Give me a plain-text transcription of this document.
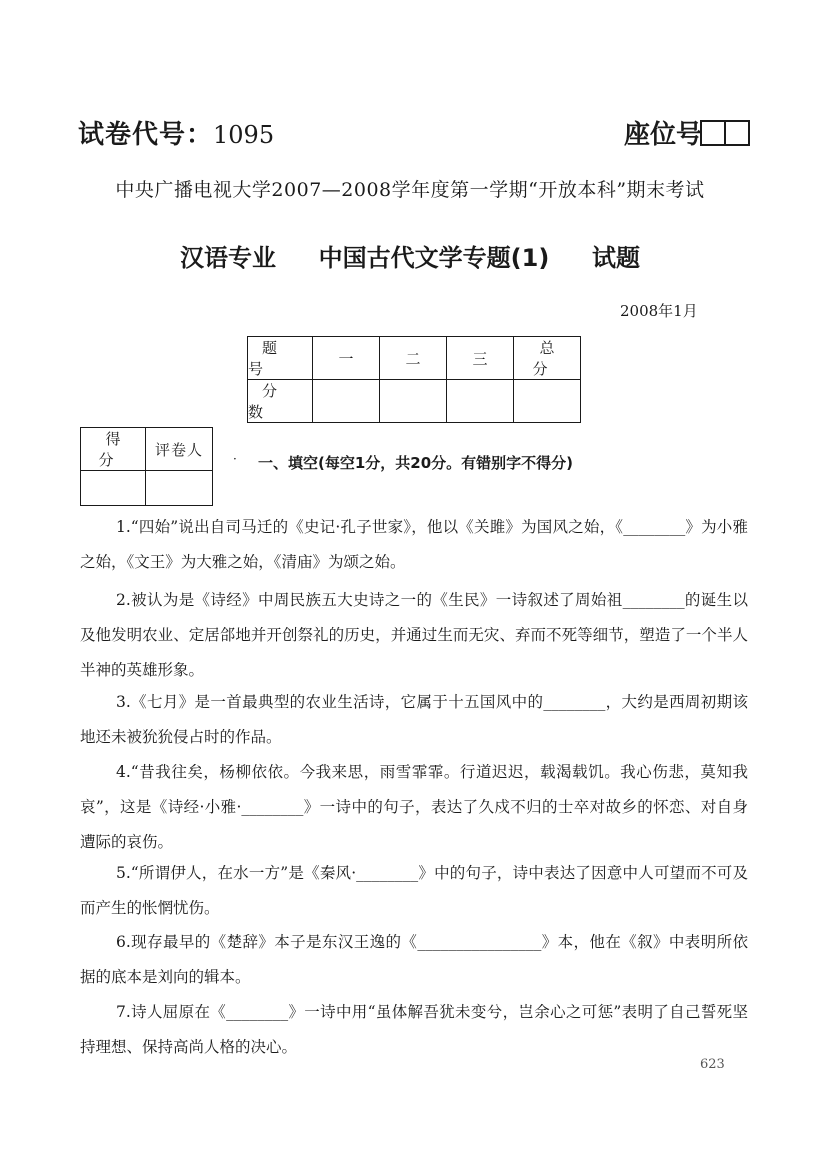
试卷代号：1095	座位号
中央广播电视大学2007—2008学年度第一学期“开放本科”期末考试
汉语专业 中国古代文学专题(1) 试题
2008年1月
题 号	一	二	三	总 分
分 数				
得 分	评卷人

· 一、填空(每空1分，共20分。有错别字不得分)
1.“四始”说出自司马迁的《史记·孔子世家》，他以《关雎》为国风之始，《________》为小雅之始，《文王》为大雅之始，《清庙》为颂之始。
2.被认为是《诗经》中周民族五大史诗之一的《生民》一诗叙述了周始祖________的诞生以及他发明农业、定居郃地并开创祭礼的历史，并通过生而无灾、弃而不死等细节，塑造了一个半人半神的英雄形象。
3.《七月》是一首最典型的农业生活诗，它属于十五国风中的________，大约是西周初期该地还未被狁狁侵占时的作品。
4.“昔我往矣，杨柳依依。今我来思，雨雪霏霏。行道迟迟，载渴载饥。我心伤悲，莫知我哀”，这是《诗经·小雅·________》一诗中的句子，表达了久戍不归的士卒对故乡的怀恋、对自身遭际的哀伤。
5.“所谓伊人，在水一方”是《秦风·________》中的句子，诗中表达了因意中人可望而不可及而产生的怅惘忧伤。
6.现存最早的《楚辞》本子是东汉王逸的《________________》本，他在《叙》中表明所依据的底本是刘向的辑本。
7.诗人屈原在《________》一诗中用“虽体解吾犹未变兮，岂余心之可惩”表明了自己誓死坚持理想、保持高尚人格的决心。
623
